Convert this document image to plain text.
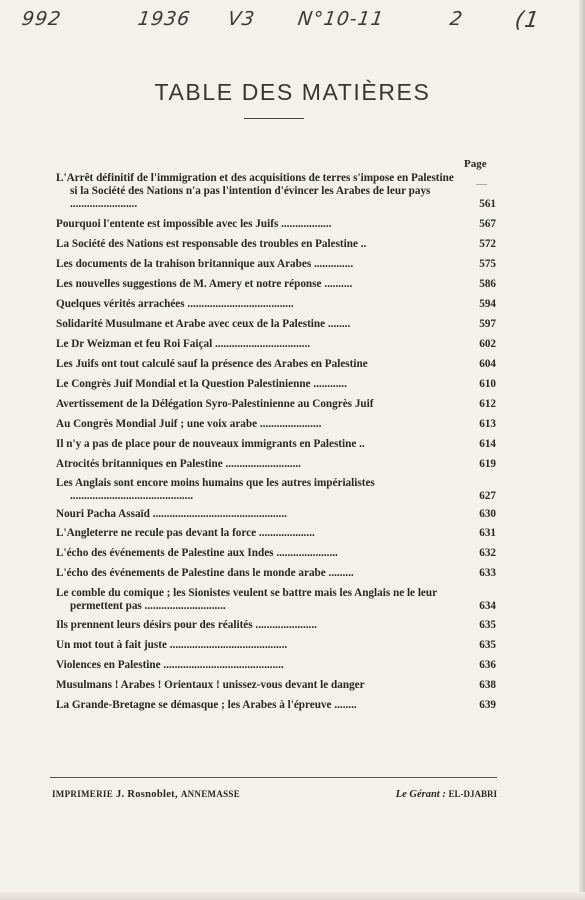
992	1936 V3 N°10-11	2 (1
TABLE DES MATIÈRES
Page
—
L'Arrêt définitif de l'immigration et des acquisitions de terres s'impose en Palestine si la Société des Nations n'a pas l'intention d'évincer les Arabes de leur pays ........................	561
Pourquoi l'entente est impossible avec les Juifs ..................	567
La Société des Nations est responsable des troubles en Palestine ..	572
Les documents de la trahison britannique aux Arabes ..............	575
Les nouvelles suggestions de M. Amery et notre réponse ..........	586
Quelques vérités arrachées ......................................	594
Solidarité Musulmane et Arabe avec ceux de la Palestine ........	597
Le Dr Weizman et feu Roi Faiçal ..................................	602
Les Juifs ont tout calculé sauf la présence des Arabes en Palestine	604
Le Congrès Juif Mondial et la Question Palestinienne ............	610
Avertissement de la Délégation Syro-Palestinienne au Congrès Juif	612
Au Congrès Mondial Juif ; une voix arabe ......................	613
Il n'y a pas de place pour de nouveaux immigrants en Palestine ..	614
Atrocités britanniques en Palestine ...........................	619
Les Anglais sont encore moins humains que les autres impérialistes ............................................	627
Nouri Pacha Assaïd ................................................	630
L'Angleterre ne recule pas devant la force ....................	631
L'écho des événements de Palestine aux Indes ......................	632
L'écho des événements de Palestine dans le monde arabe .........	633
Le comble du comique ; les Sionistes veulent se battre mais les Anglais ne le leur permettent pas .............................	634
Ils prennent leurs désirs pour des réalités ......................	635
Un mot tout à fait juste ..........................................	635
Violences en Palestine ...........................................	636
Musulmans ! Arabes ! Orientaux ! unissez-vous devant le danger	638
La Grande-Bretagne se démasque ; les Arabes à l'épreuve ........	639
IMPRIMERIE J. Rosnoblet, ANNEMASSE	Le Gérant : EL-DJABRI
